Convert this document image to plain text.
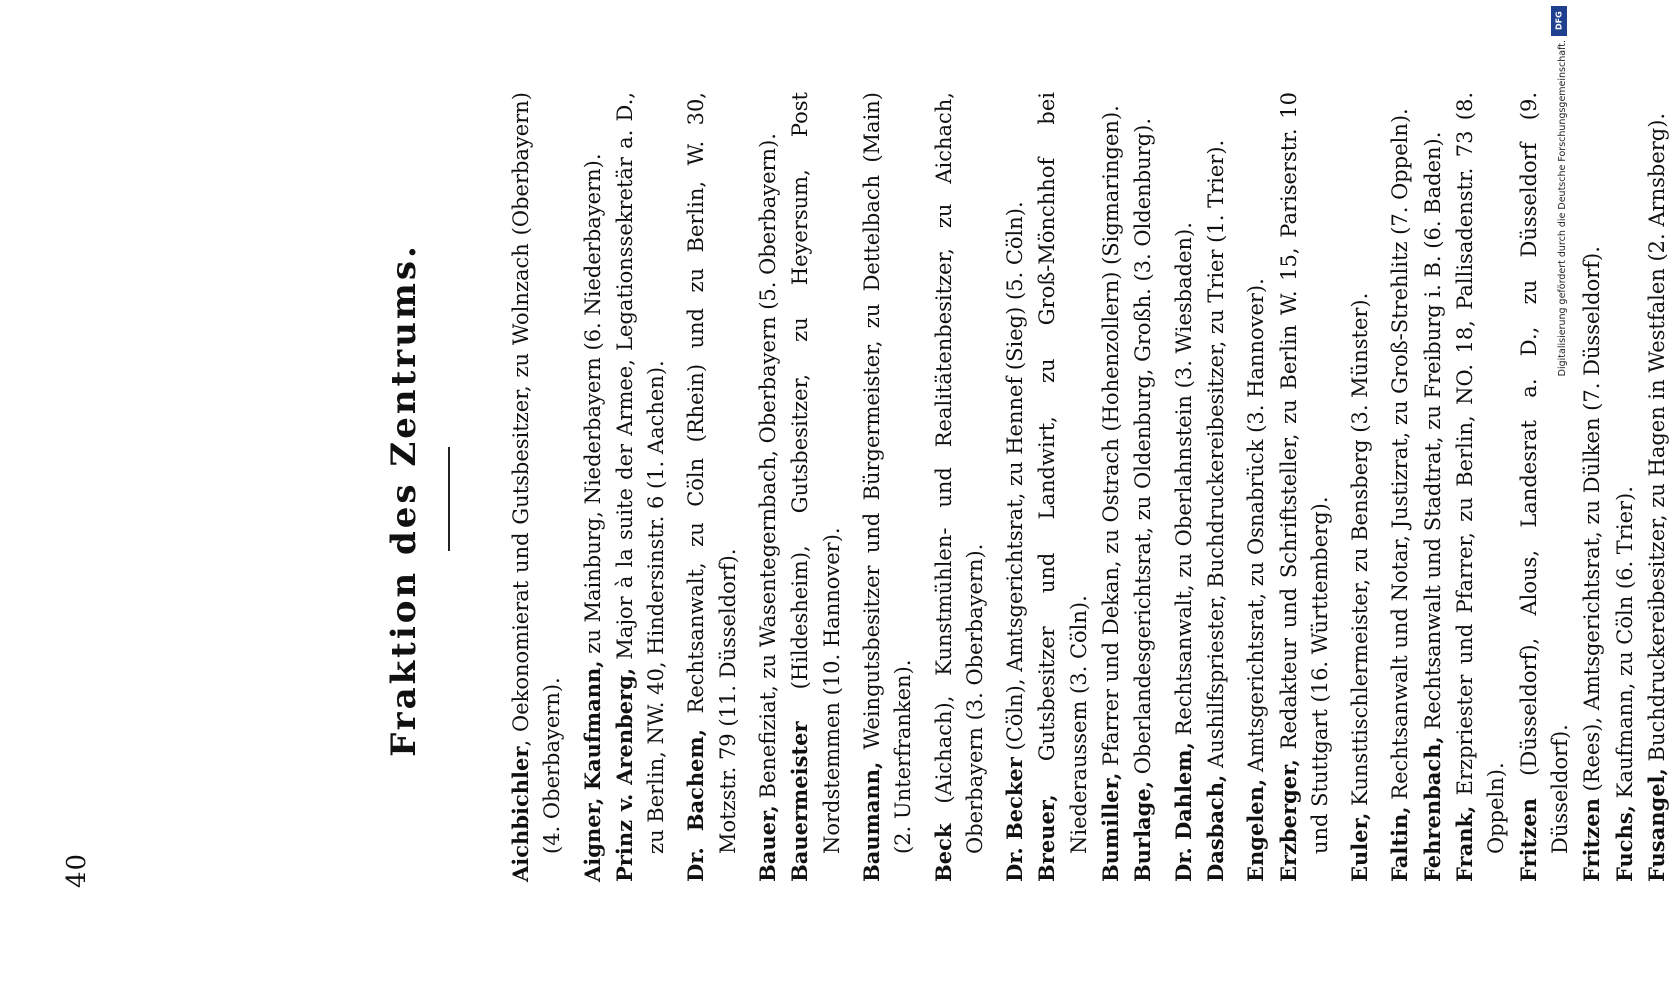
40
Fraktion des Zentrums.

Aichbichler, Oekonomierat und Gutsbesitzer, zu Wolnzach (Oberbayern) (4. Oberbayern). Aigner, Kaufmann, zu Mainburg, Niederbayern (6. Niederbayern).

Prinz v. Arenberg, Major à la suite der Armee, Legationssekretär a. D., zu Berlin, NW. 40, Hindersinstr. 6 (1. Aachen). Dr. Bachem, Rechtsanwalt, zu Cöln (Rhein) und zu Berlin, W. 30, Motzstr. 79 (11. Düsseldorf). Bauer, Benefiziat, zu Wasentegernbach, Oberbayern (5. Oberbayern). Bauermeister (Hildesheim), Gutsbesitzer, zu Heyersum, Post Nordstemmen (10. Hannover). Baumann, Weingutsbesitzer und Bürgermeister, zu Dettelbach (Main) (2. Unterfranken). Beck (Aichach), Kunstmühlen- und Realitätenbesitzer, zu Aichach, Oberbayern (3. Oberbayern). Dr. Becker (Cöln), Amtsgerichtsrat, zu Hennef (Sieg) (5. Cöln).

Breuer, Gutsbesitzer und Landwirt, zu Groß-Mönchhof bei Niederaussem (3. Cöln). Bumiller, Pfarrer und Dekan, zu Ostrach (Hohenzollern) (Sigmaringen).

Burlage, Oberlandesgerichtsrat, zu Oldenburg, Großh. (3. Oldenburg).

Dr. Dahlem, Rechtsanwalt, zu Oberlahnstein (3. Wiesbaden).

Dasbach, Aushilfspriester, Buchdruckereibesitzer, zu Trier (1. Trier).

Engelen, Amtsgerichtsrat, zu Osnabrück (3. Hannover).

Erzberger, Redakteur und Schriftsteller, zu Berlin W. 15, Pariserstr. 10 und Stuttgart (16. Württemberg). Euler, Kunsttischlermeister, zu Bensberg (3. Münster).

Faltin, Rechtsanwalt und Notar, Justizrat, zu Groß-Strehlitz (7. Oppeln).

Fehrenbach, Rechtsanwalt und Stadtrat, zu Freiburg i. B. (6. Baden).

Frank, Erzpriester und Pfarrer, zu Berlin, NO. 18, Pallisadenstr. 73 (8. Oppeln). Fritzen (Düsseldorf), Alous, Landesrat a. D., zu Düsseldorf (9. Düsseldorf). Fritzen (Rees), Amtsgerichtsrat, zu Dülken (7. Düsseldorf).

Fuchs, Kaufmann, zu Cöln (6. Trier).

Fusangel, Buchdruckereibesitzer, zu Hagen in Westfalen (2. Arnsberg).

DFG
Digitalisierung gefördert durch die Deutsche Forschungsgemeinschaft.
